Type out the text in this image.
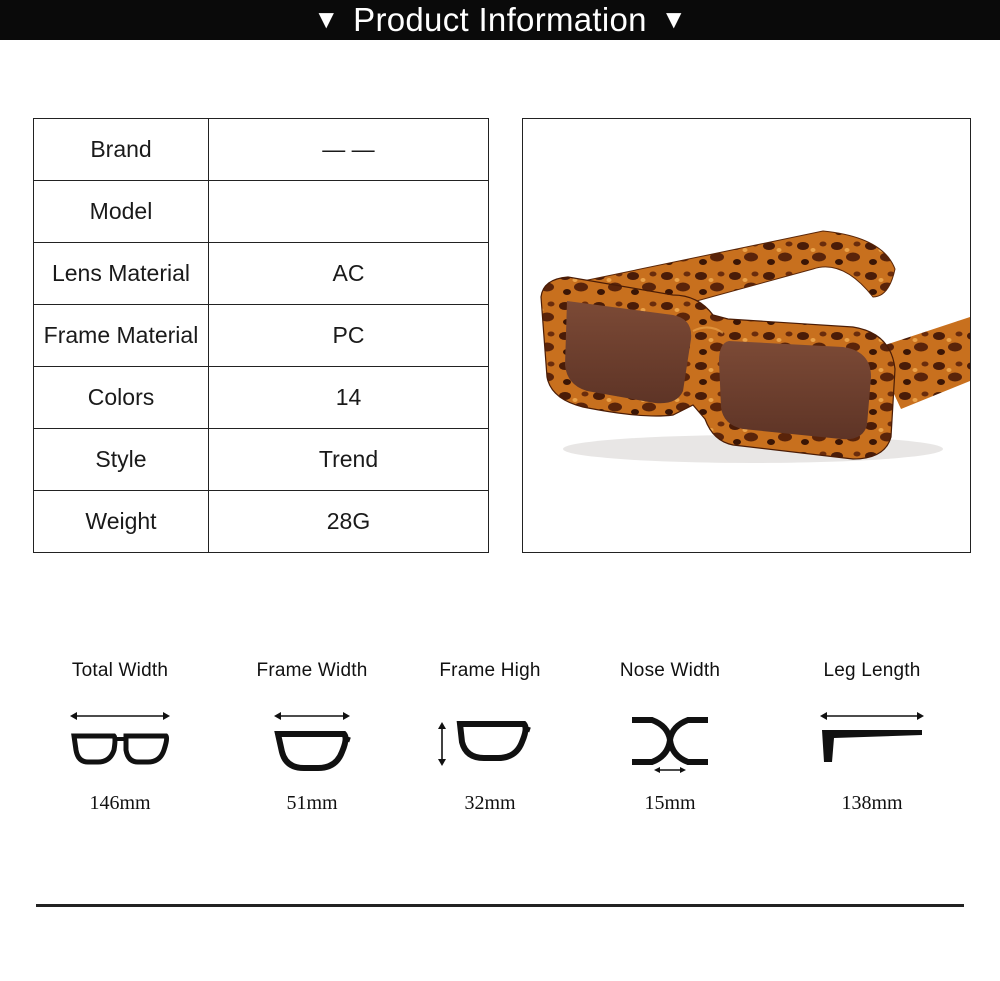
▼ Product Information ▼
Brand	— —
Model	
Lens Material	AC
Frame Material	PC
Colors	14
Style	Trend
Weight	28G
Total Width
146mm
Frame Width
51mm
Frame High
32mm
Nose Width
15mm
Leg Length
138mm
